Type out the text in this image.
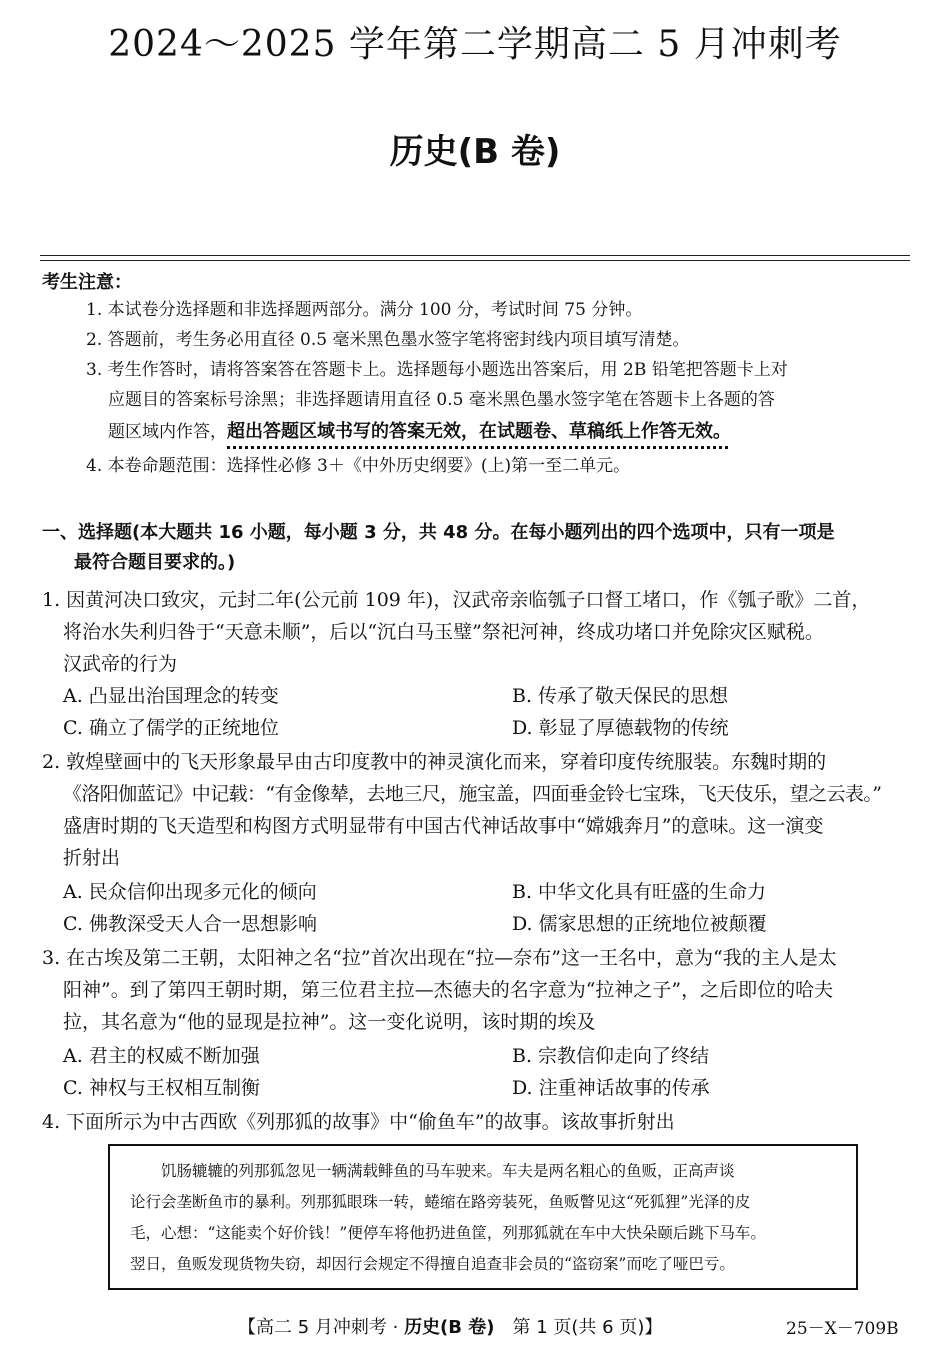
2024～2025 学年第二学期高二 5 月冲刺考
历史(B 卷)
考生注意：
1. 本试卷分选择题和非选择题两部分。满分 100 分，考试时间 75 分钟。
2. 答题前，考生务必用直径 0.5 毫米黑色墨水签字笔将密封线内项目填写清楚。
3. 考生作答时，请将答案答在答题卡上。选择题每小题选出答案后，用 2B 铅笔把答题卡上对
应题目的答案标号涂黑；非选择题请用直径 0.5 毫米黑色墨水签字笔在答题卡上各题的答
题区域内作答，超出答题区域书写的答案无效，在试题卷、草稿纸上作答无效。
4. 本卷命题范围：选择性必修 3＋《中外历史纲要》(上)第一至二单元。
一、选择题(本大题共 16 小题，每小题 3 分，共 48 分。在每小题列出的四个选项中，只有一项是
最符合题目要求的。)
1. 因黄河决口致灾，元封二年(公元前 109 年)，汉武帝亲临瓠子口督工堵口，作《瓠子歌》二首，
将治水失利归咎于“天意未顺”，后以“沉白马玉璧”祭祀河神，终成功堵口并免除灾区赋税。
汉武帝的行为
A. 凸显出治国理念的转变	B. 传承了敬天保民的思想
C. 确立了儒学的正统地位	D. 彰显了厚德载物的传统
2. 敦煌壁画中的飞天形象最早由古印度教中的神灵演化而来，穿着印度传统服装。东魏时期的
《洛阳伽蓝记》中记载：“有金像辇，去地三尺，施宝盖，四面垂金铃七宝珠，飞天伎乐，望之云表。”
盛唐时期的飞天造型和构图方式明显带有中国古代神话故事中“嫦娥奔月”的意味。这一演变
折射出
A. 民众信仰出现多元化的倾向	B. 中华文化具有旺盛的生命力
C. 佛教深受天人合一思想影响	D. 儒家思想的正统地位被颠覆
3. 在古埃及第二王朝，太阳神之名“拉”首次出现在“拉—奈布”这一王名中，意为“我的主人是太
阳神”。到了第四王朝时期，第三位君主拉—杰德夫的名字意为“拉神之子”，之后即位的哈夫
拉，其名意为“他的显现是拉神”。这一变化说明，该时期的埃及
A. 君主的权威不断加强	B. 宗教信仰走向了终结
C. 神权与王权相互制衡	D. 注重神话故事的传承
4. 下面所示为中古西欧《列那狐的故事》中“偷鱼车”的故事。该故事折射出
饥肠辘辘的列那狐忽见一辆满载鲱鱼的马车驶来。车夫是两名粗心的鱼贩，正高声谈
论行会垄断鱼市的暴利。列那狐眼珠一转，蜷缩在路旁装死，鱼贩瞥见这“死狐狸”光泽的皮
毛，心想：“这能卖个好价钱！”便停车将他扔进鱼筐，列那狐就在车中大快朵颐后跳下马车。
翌日，鱼贩发现货物失窃，却因行会规定不得擅自追查非会员的“盗窃案”而吃了哑巴亏。
【高二 5 月冲刺考 · 历史(B 卷)　第 1 页(共 6 页)】	25－X－709B
